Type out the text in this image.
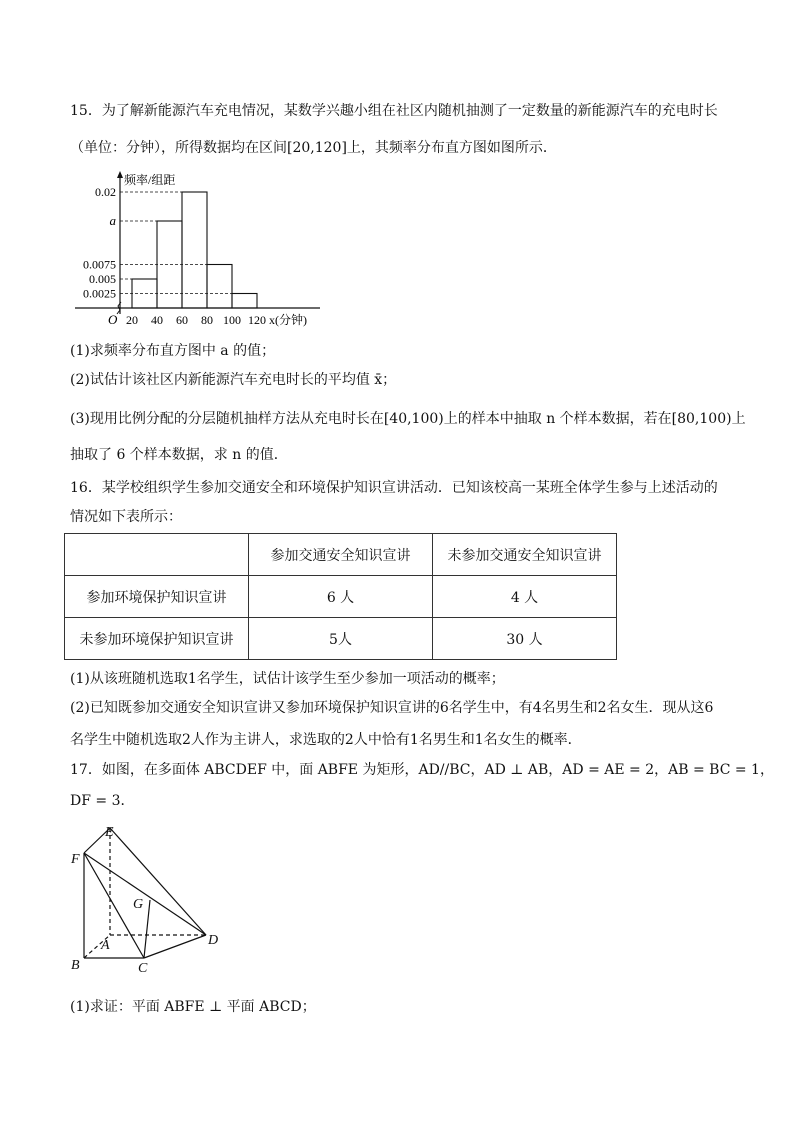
15．为了解新能源汽车充电情况，某数学兴趣小组在社区内随机抽测了一定数量的新能源汽车的充电时长
（单位：分钟），所得数据均在区间[20,120]上，其频率分布直方图如图所示．
0.0025
0.005
0.0075
a
0.02
20 40 60 80 100 120
O	x(分钟)
频率/组距
(1)求频率分布直方图中 a 的值；
(2)试估计该社区内新能源汽车充电时长的平均值 x̄；
(3)现用比例分配的分层随机抽样方法从充电时长在[40,100)上的样本中抽取 n 个样本数据，若在[80,100)上
抽取了 6 个样本数据，求 n 的值．
16．某学校组织学生参加交通安全和环境保护知识宣讲活动．已知该校高一某班全体学生参与上述活动的
情况如下表所示：
	参加交通安全知识宣讲	未参加交通安全知识宣讲
参加环境保护知识宣讲	6 人	4 人
未参加环境保护知识宣讲	5人	30 人
(1)从该班随机选取1名学生，试估计该学生至少参加一项活动的概率；
(2)已知既参加交通安全知识宣讲又参加环境保护知识宣讲的6名学生中，有4名男生和2名女生．现从这6
名学生中随机选取2人作为主讲人，求选取的2人中恰有1名男生和1名女生的概率．
17．如图，在多面体 ABCDEF 中，面 ABFE 为矩形，AD//BC，AD ⊥ AB，AD = AE = 2，AB = BC = 1，
DF = 3．
E
F
G
A
B	C
D
(1)求证：平面 ABFE ⊥ 平面 ABCD；
